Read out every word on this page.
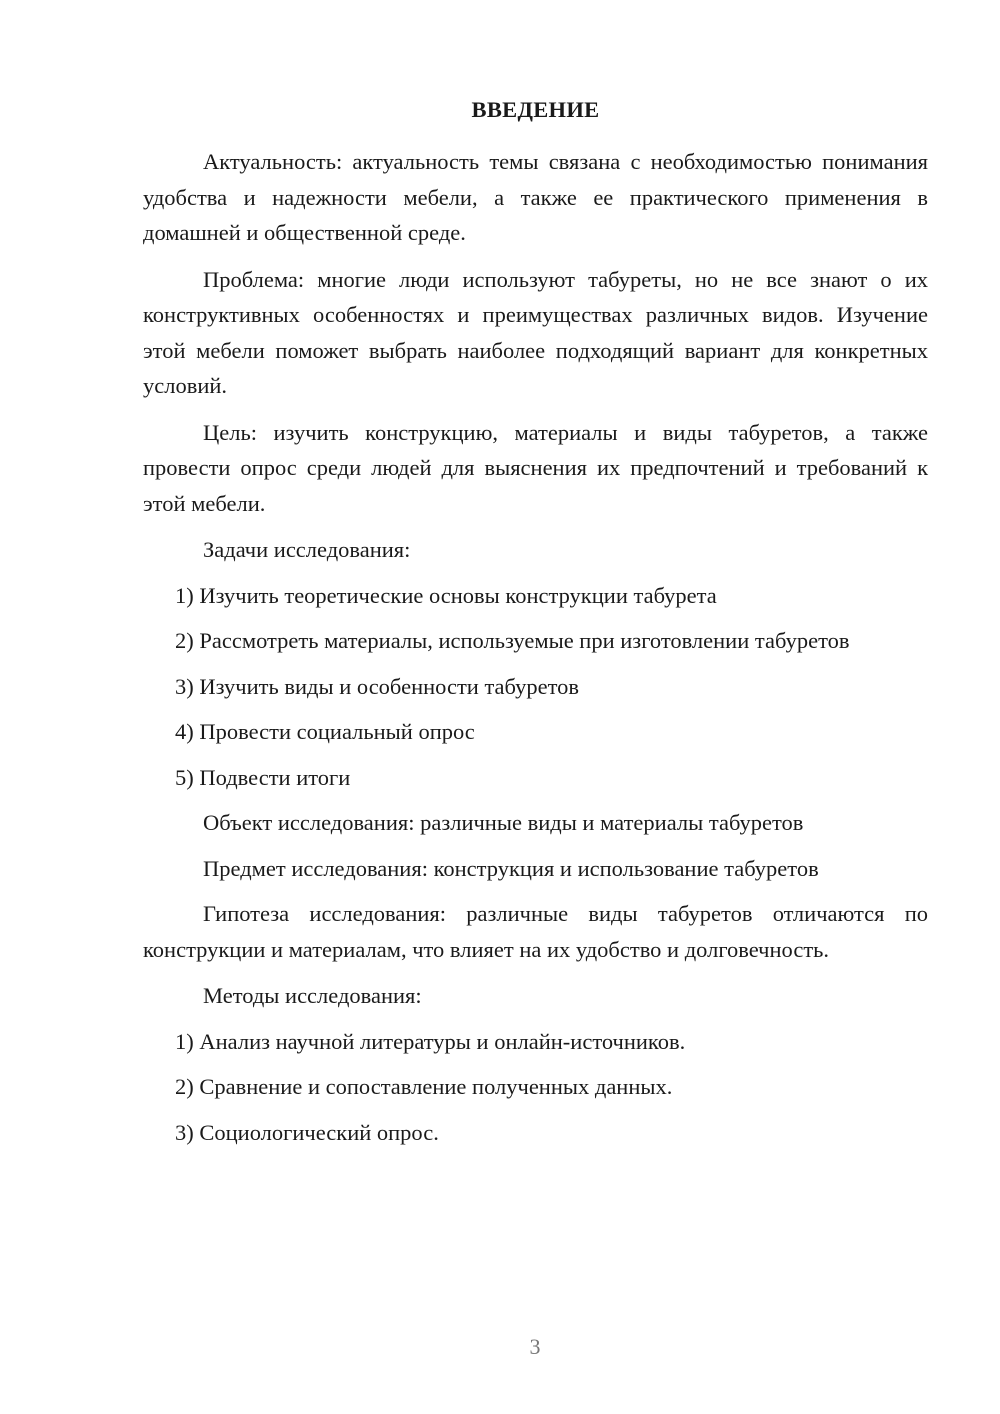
ВВЕДЕНИЕ
Актуальность: актуальность темы связана с необходимостью понимания удобства и надежности мебели, а также ее практического применения в домашней и общественной среде.
Проблема: многие люди используют табуреты, но не все знают о их конструктивных особенностях и преимуществах различных видов. Изучение этой мебели поможет выбрать наиболее подходящий вариант для конкретных условий.
Цель: изучить конструкцию, материалы и виды табуретов, а также провести опрос среди людей для выяснения их предпочтений и требований к этой мебели.
Задачи исследования:
1) Изучить теоретические основы конструкции табурета
2) Рассмотреть материалы, используемые при изготовлении табуретов
3) Изучить виды и особенности табуретов
4) Провести социальный опрос
5) Подвести итоги
Объект исследования: различные виды и материалы табуретов
Предмет исследования: конструкция и использование табуретов
Гипотеза исследования: различные виды табуретов отличаются по конструкции и материалам, что влияет на их удобство и долговечность.
Методы исследования:
1) Анализ научной литературы и онлайн-источников.
2) Сравнение и сопоставление полученных данных.
3) Социологический опрос.
3
